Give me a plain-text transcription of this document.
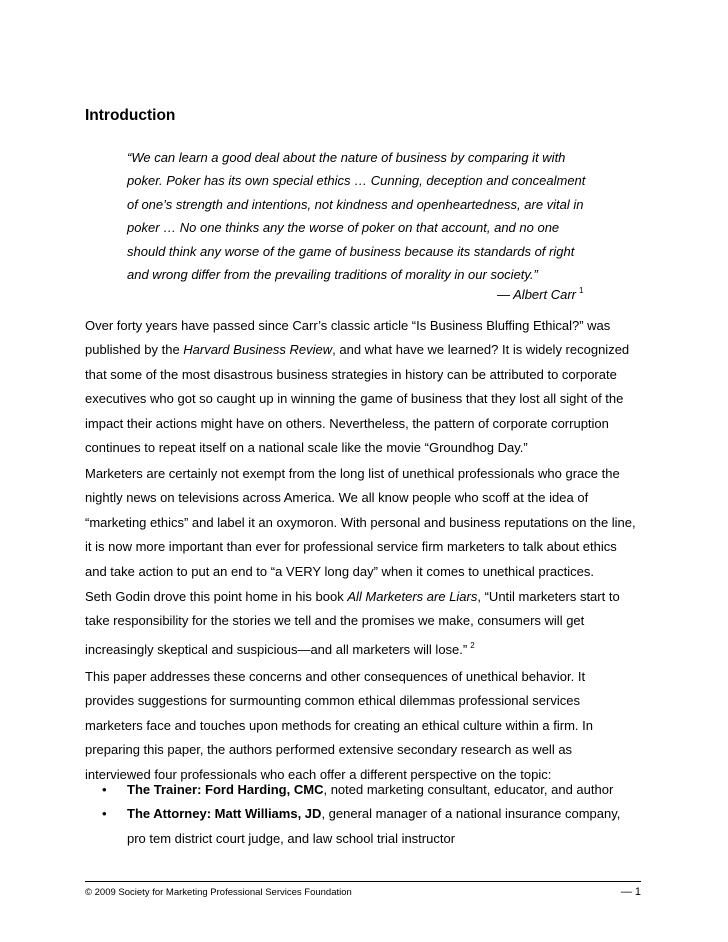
Introduction

“We can learn a good deal about the nature of business by comparing it with
poker. Poker has its own special ethics … Cunning, deception and concealment
of one’s strength and intentions, not kindness and openheartedness, are vital in
poker … No one thinks any the worse of poker on that account, and no one
should think any worse of the game of business because its standards of right
and wrong differ from the prevailing traditions of morality in our society.”

— Albert Carr $^1$

Over forty years have passed since Carr’s classic article “Is Business Bluffing Ethical?” was
published by the Harvard Business Review, and what have we learned? It is widely recognized
that some of the most disastrous business strategies in history can be attributed to corporate
executives who got so caught up in winning the game of business that they lost all sight of the
impact their actions might have on others. Nevertheless, the pattern of corporate corruption
continues to repeat itself on a national scale like the movie “Groundhog Day.”

Marketers are certainly not exempt from the long list of unethical professionals who grace the
nightly news on televisions across America. We all know people who scoff at the idea of
“marketing ethics” and label it an oxymoron. With personal and business reputations on the line,
it is now more important than ever for professional service firm marketers to talk about ethics
and take action to put an end to “a VERY long day” when it comes to unethical practices.

Seth Godin drove this point home in his book All Marketers are Liars, “Until marketers start to
take responsibility for the stories we tell and the promises we make, consumers will get
increasingly skeptical and suspicious—and all marketers will lose.” $^2$

This paper addresses these concerns and other consequences of unethical behavior. It
provides suggestions for surmounting common ethical dilemmas professional services
marketers face and touches upon methods for creating an ethical culture within a firm. In
preparing this paper, the authors performed extensive secondary research as well as
interviewed four professionals who each offer a different perspective on the topic:

• The Trainer: Ford Harding, CMC, noted marketing consultant, educator, and author
• The Attorney: Matt Williams, JD, general manager of a national insurance company,
pro tem district court judge, and law school trial instructor
© 2009 Society for Marketing Professional Services Foundation	— 1
